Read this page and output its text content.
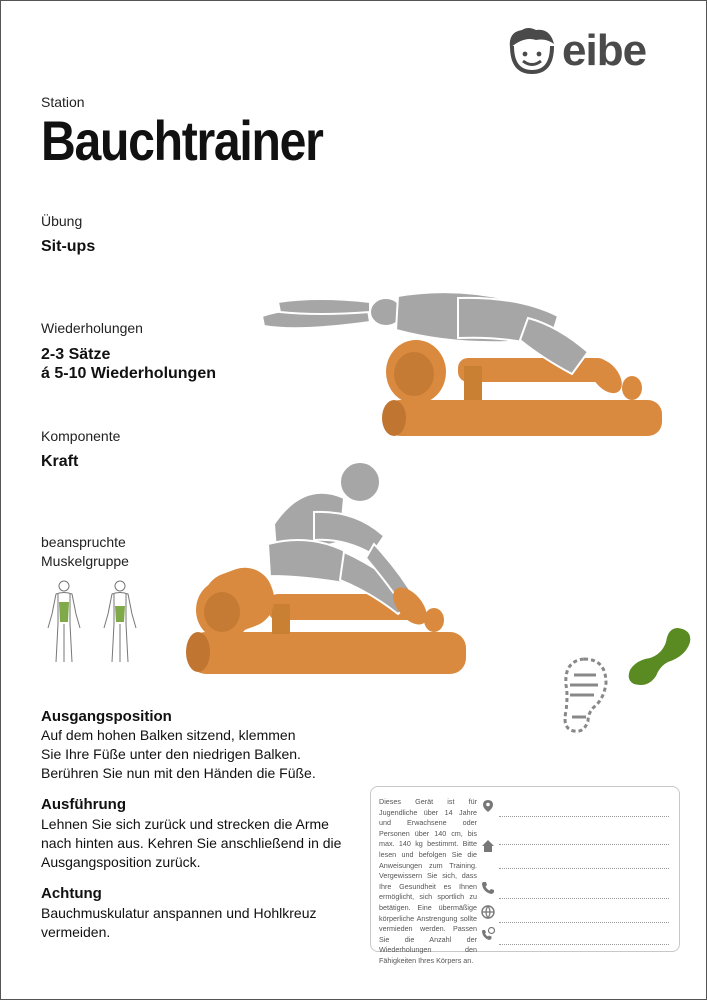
eibe
Station
Bauchtrainer
Übung
Sit-ups
Wiederholungen
2-3 Sätze
á 5-10 Wiederholungen
Komponente
Kraft
beanspruchte
Muskelgruppe
Ausgangsposition
Auf dem hohen Balken sitzend, klemmen
Sie Ihre Füße unter den niedrigen Balken.
Berühren Sie nun mit den Händen die Füße.
Ausführung
Lehnen Sie sich zurück und strecken die Arme
nach hinten aus. Kehren Sie anschließend in die
Ausgangsposition zurück.
Achtung
Bauchmuskulatur anspannen und Hohlkreuz
vermeiden.
Dieses Gerät ist für Jugendliche über 14 Jahre und Erwachsene oder Personen über 140 cm, bis max. 140 kg bestimmt. Bitte lesen und befolgen Sie die Anweisungen zum Training. Vergewissern Sie sich, dass Ihre Gesundheit es Ihnen ermöglicht, sich sportlich zu betätigen. Eine übermäßige körperliche Anstrengung sollte vermieden werden. Passen Sie die Anzahl der Wiederholungen den Fähigkeiten Ihres Körpers an.
